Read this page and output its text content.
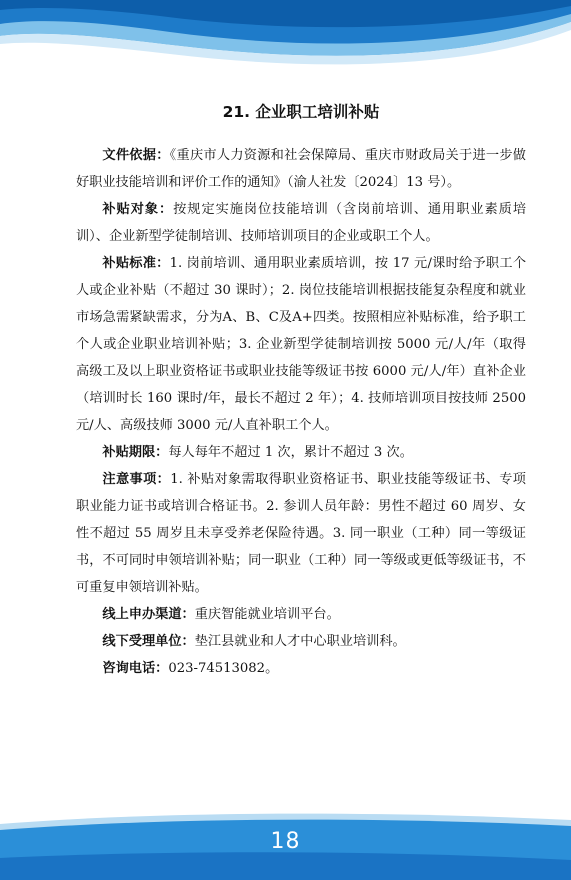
18
21. 企业职工培训补贴

文件依据：《重庆市人力资源和社会保障局、重庆市财政局关于进一步做好职业技能培训和评价工作的通知》（渝人社发〔2024〕13 号）。

补贴对象：按规定实施岗位技能培训（含岗前培训、通用职业素质培训）、企业新型学徒制培训、技师培训项目的企业或职工个人。

补贴标准：1. 岗前培训、通用职业素质培训，按 17 元/课时给予职工个人或企业补贴（不超过 30 课时）；2. 岗位技能培训根据技能复杂程度和就业市场急需紧缺需求，分为A、B、C及A+四类。按照相应补贴标准，给予职工个人或企业职业培训补贴；3. 企业新型学徒制培训按 5000 元/人/年（取得高级工及以上职业资格证书或职业技能等级证书按 6000 元/人/年）直补企业（培训时长 160 课时/年，最长不超过 2 年）；4. 技师培训项目按技师 2500 元/人、高级技师 3000 元/人直补职工个人。

补贴期限：每人每年不超过 1 次，累计不超过 3 次。

注意事项：1. 补贴对象需取得职业资格证书、职业技能等级证书、专项职业能力证书或培训合格证书。2. 参训人员年龄：男性不超过 60 周岁、女性不超过 55 周岁且未享受养老保险待遇。3. 同一职业（工种）同一等级证书，不可同时申领培训补贴；同一职业（工种）同一等级或更低等级证书，不可重复申领培训补贴。

线上申办渠道：重庆智能就业培训平台。

线下受理单位：垫江县就业和人才中心职业培训科。

咨询电话：023-74513082。
